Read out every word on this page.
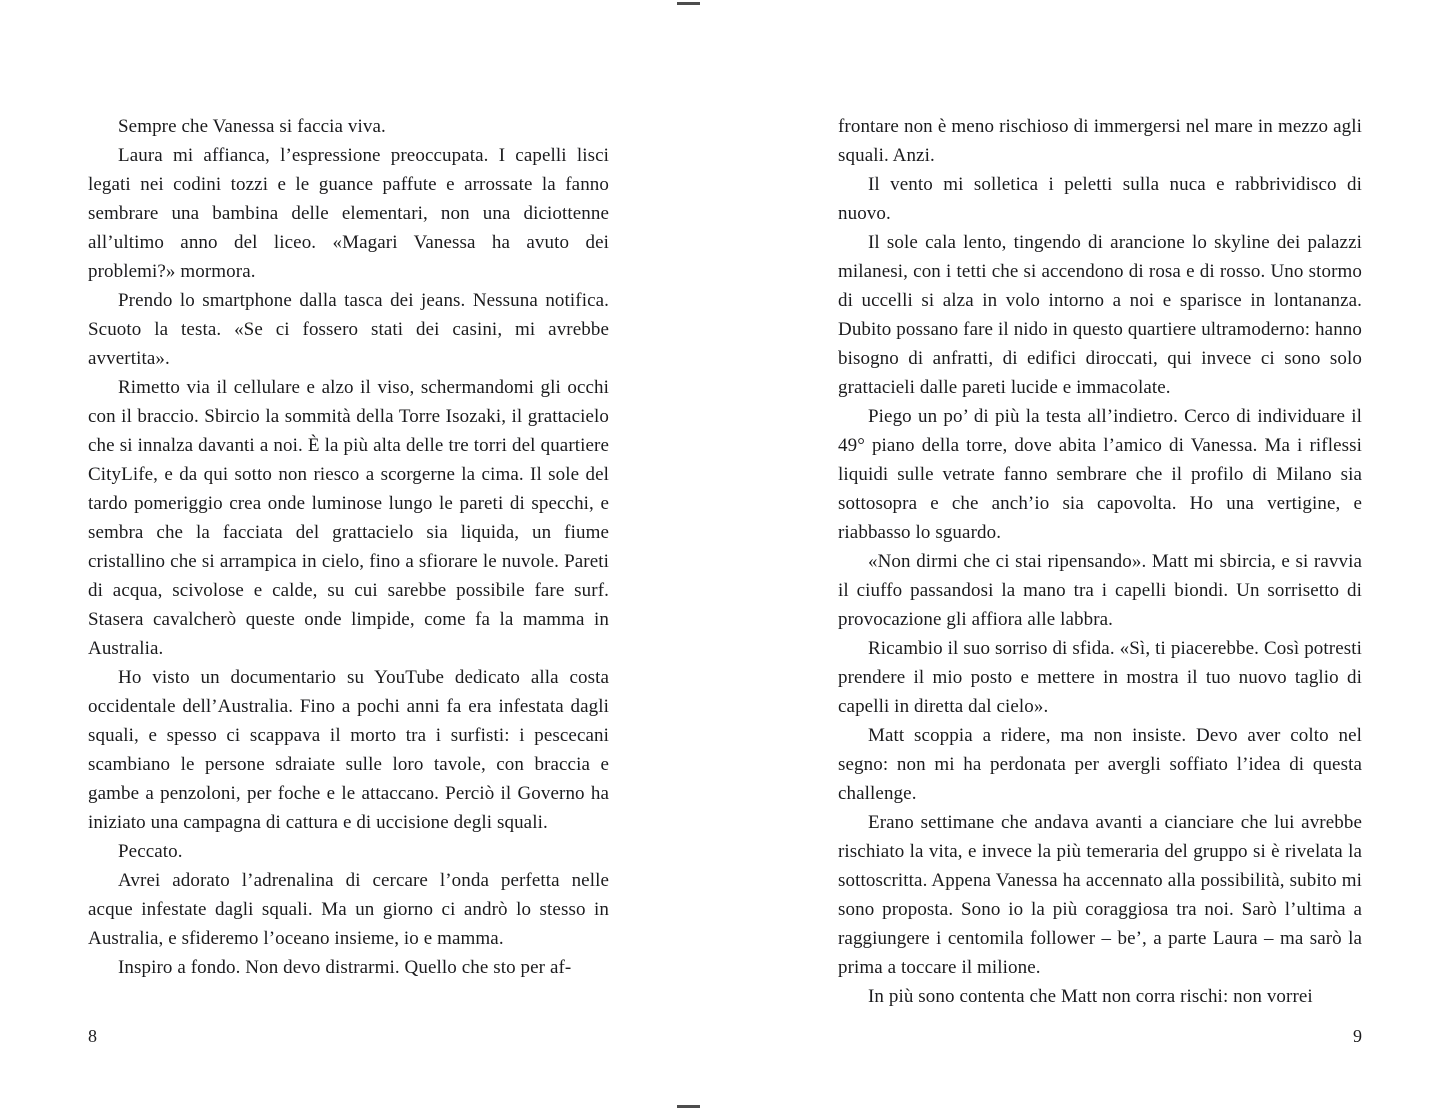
Sempre che Vanessa si faccia viva.

Laura mi affianca, l’espressione preoccupata. I capelli lisci legati nei codini tozzi e le guance paffute e arrossate la fanno sembrare una bambina delle elementari, non una diciottenne all’ultimo anno del liceo. «Magari Vanessa ha avuto dei problemi?» mormora.

Prendo lo smartphone dalla tasca dei jeans. Nessuna notifica. Scuoto la testa. «Se ci fossero stati dei casini, mi avrebbe avvertita».

Rimetto via il cellulare e alzo il viso, schermandomi gli occhi con il braccio. Sbircio la sommità della Torre Isozaki, il grattacielo che si innalza davanti a noi. È la più alta delle tre torri del quartiere CityLife, e da qui sotto non riesco a scorgerne la cima. Il sole del tardo pomeriggio crea onde luminose lungo le pareti di specchi, e sembra che la facciata del grattacielo sia liquida, un fiume cristallino che si arrampica in cielo, fino a sfiorare le nuvole. Pareti di acqua, scivolose e calde, su cui sarebbe possibile fare surf. Stasera cavalcherò queste onde limpide, come fa la mamma in Australia.

Ho visto un documentario su YouTube dedicato alla costa occidentale dell’Australia. Fino a pochi anni fa era infestata dagli squali, e spesso ci scappava il morto tra i surfisti: i pescecani scambiano le persone sdraiate sulle loro tavole, con braccia e gambe a penzoloni, per foche e le attaccano. Perciò il Governo ha iniziato una campagna di cattura e di uccisione degli squali.

Peccato.

Avrei adorato l’adrenalina di cercare l’onda perfetta nelle acque infestate dagli squali. Ma un giorno ci andrò lo stesso in Australia, e sfideremo l’oceano insieme, io e mamma.

Inspiro a fondo. Non devo distrarmi. Quello che sto per af-

frontare non è meno rischioso di immergersi nel mare in mezzo agli squali. Anzi.

Il vento mi solletica i peletti sulla nuca e rabbrividisco di nuovo.

Il sole cala lento, tingendo di arancione lo skyline dei palazzi milanesi, con i tetti che si accendono di rosa e di rosso. Uno stormo di uccelli si alza in volo intorno a noi e sparisce in lontananza. Dubito possano fare il nido in questo quartiere ultramoderno: hanno bisogno di anfratti, di edifici diroccati, qui invece ci sono solo grattacieli dalle pareti lucide e immacolate.

Piego un po’ di più la testa all’indietro. Cerco di individuare il 49° piano della torre, dove abita l’amico di Vanessa. Ma i riflessi liquidi sulle vetrate fanno sembrare che il profilo di Milano sia sottosopra e che anch’io sia capovolta. Ho una vertigine, e riabbasso lo sguardo.

«Non dirmi che ci stai ripensando». Matt mi sbircia, e si ravvia il ciuffo passandosi la mano tra i capelli biondi. Un sorrisetto di provocazione gli affiora alle labbra.

Ricambio il suo sorriso di sfida. «Sì, ti piacerebbe. Così potresti prendere il mio posto e mettere in mostra il tuo nuovo taglio di capelli in diretta dal cielo».

Matt scoppia a ridere, ma non insiste. Devo aver colto nel segno: non mi ha perdonata per avergli soffiato l’idea di questa challenge.

Erano settimane che andava avanti a cianciare che lui avrebbe rischiato la vita, e invece la più temeraria del gruppo si è rivelata la sottoscritta. Appena Vanessa ha accennato alla possibilità, subito mi sono proposta. Sono io la più coraggiosa tra noi. Sarò l’ultima a raggiungere i centomila follower – be’, a parte Laura – ma sarò la prima a toccare il milione.

In più sono contenta che Matt non corra rischi: non vorrei

8	9
